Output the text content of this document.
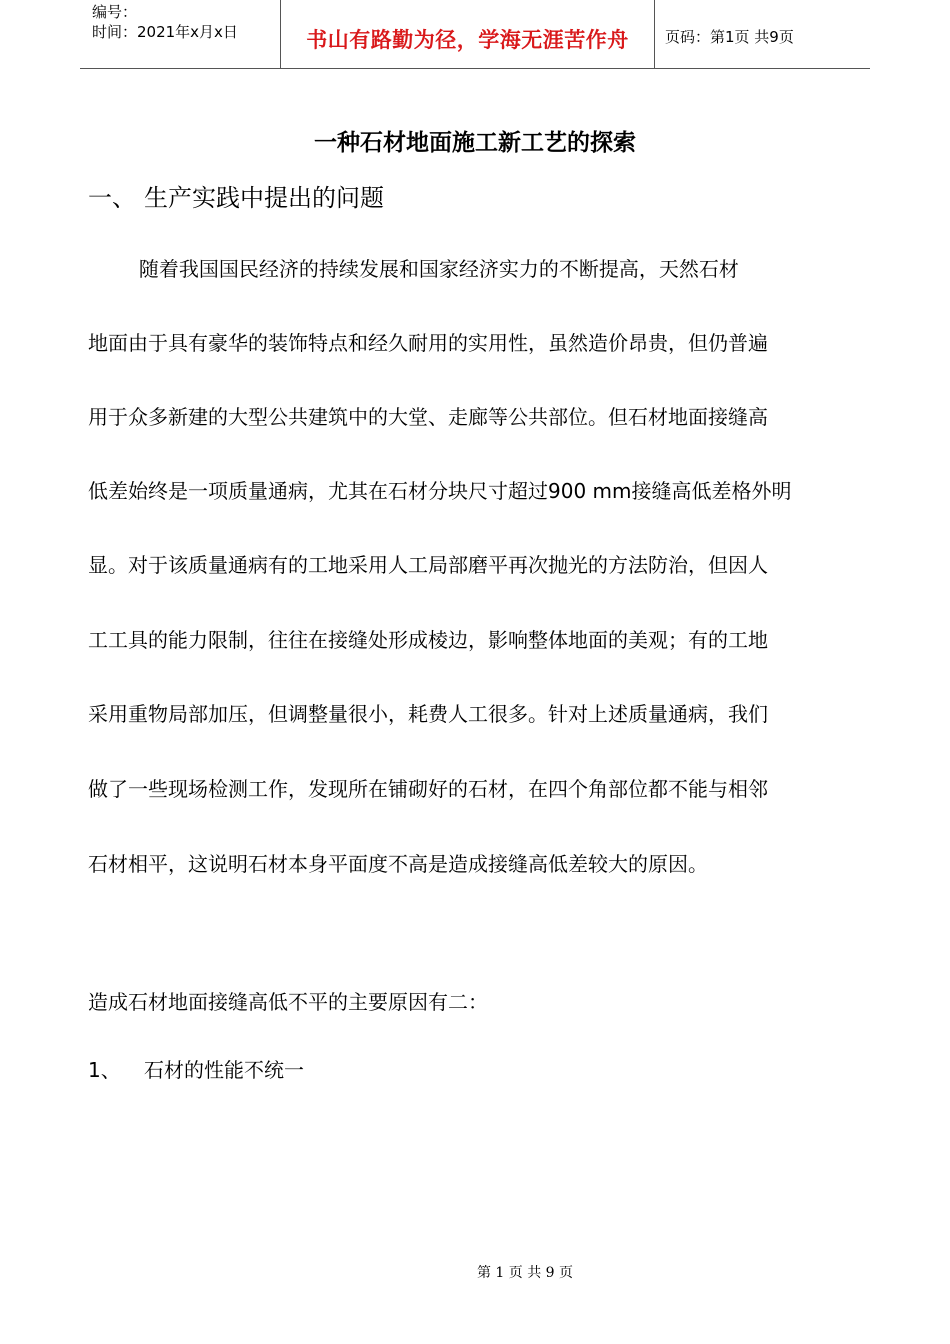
编号：
时间：2021年x月x日	书山有路勤为径，学海无涯苦作舟	页码：第1页 共9页
一种石材地面施工新工艺的探索
一、 生产实践中提出的问题
随着我国国民经济的持续发展和国家经济实力的不断提高，天然石材
地面由于具有豪华的装饰特点和经久耐用的实用性，虽然造价昂贵，但仍普遍
用于众多新建的大型公共建筑中的大堂、走廊等公共部位。但石材地面接缝高
低差始终是一项质量通病，尤其在石材分块尺寸超过900 mm接缝高低差格外明
显。对于该质量通病有的工地采用人工局部磨平再次抛光的方法防治，但因人
工工具的能力限制，往往在接缝处形成棱边，影响整体地面的美观；有的工地
采用重物局部加压，但调整量很小，耗费人工很多。针对上述质量通病，我们
做了一些现场检测工作，发现所在铺砌好的石材，在四个角部位都不能与相邻
石材相平，这说明石材本身平面度不高是造成接缝高低差较大的原因。
造成石材地面接缝高低不平的主要原因有二：
1、 石材的性能不统一
第 1 页 共 9 页
